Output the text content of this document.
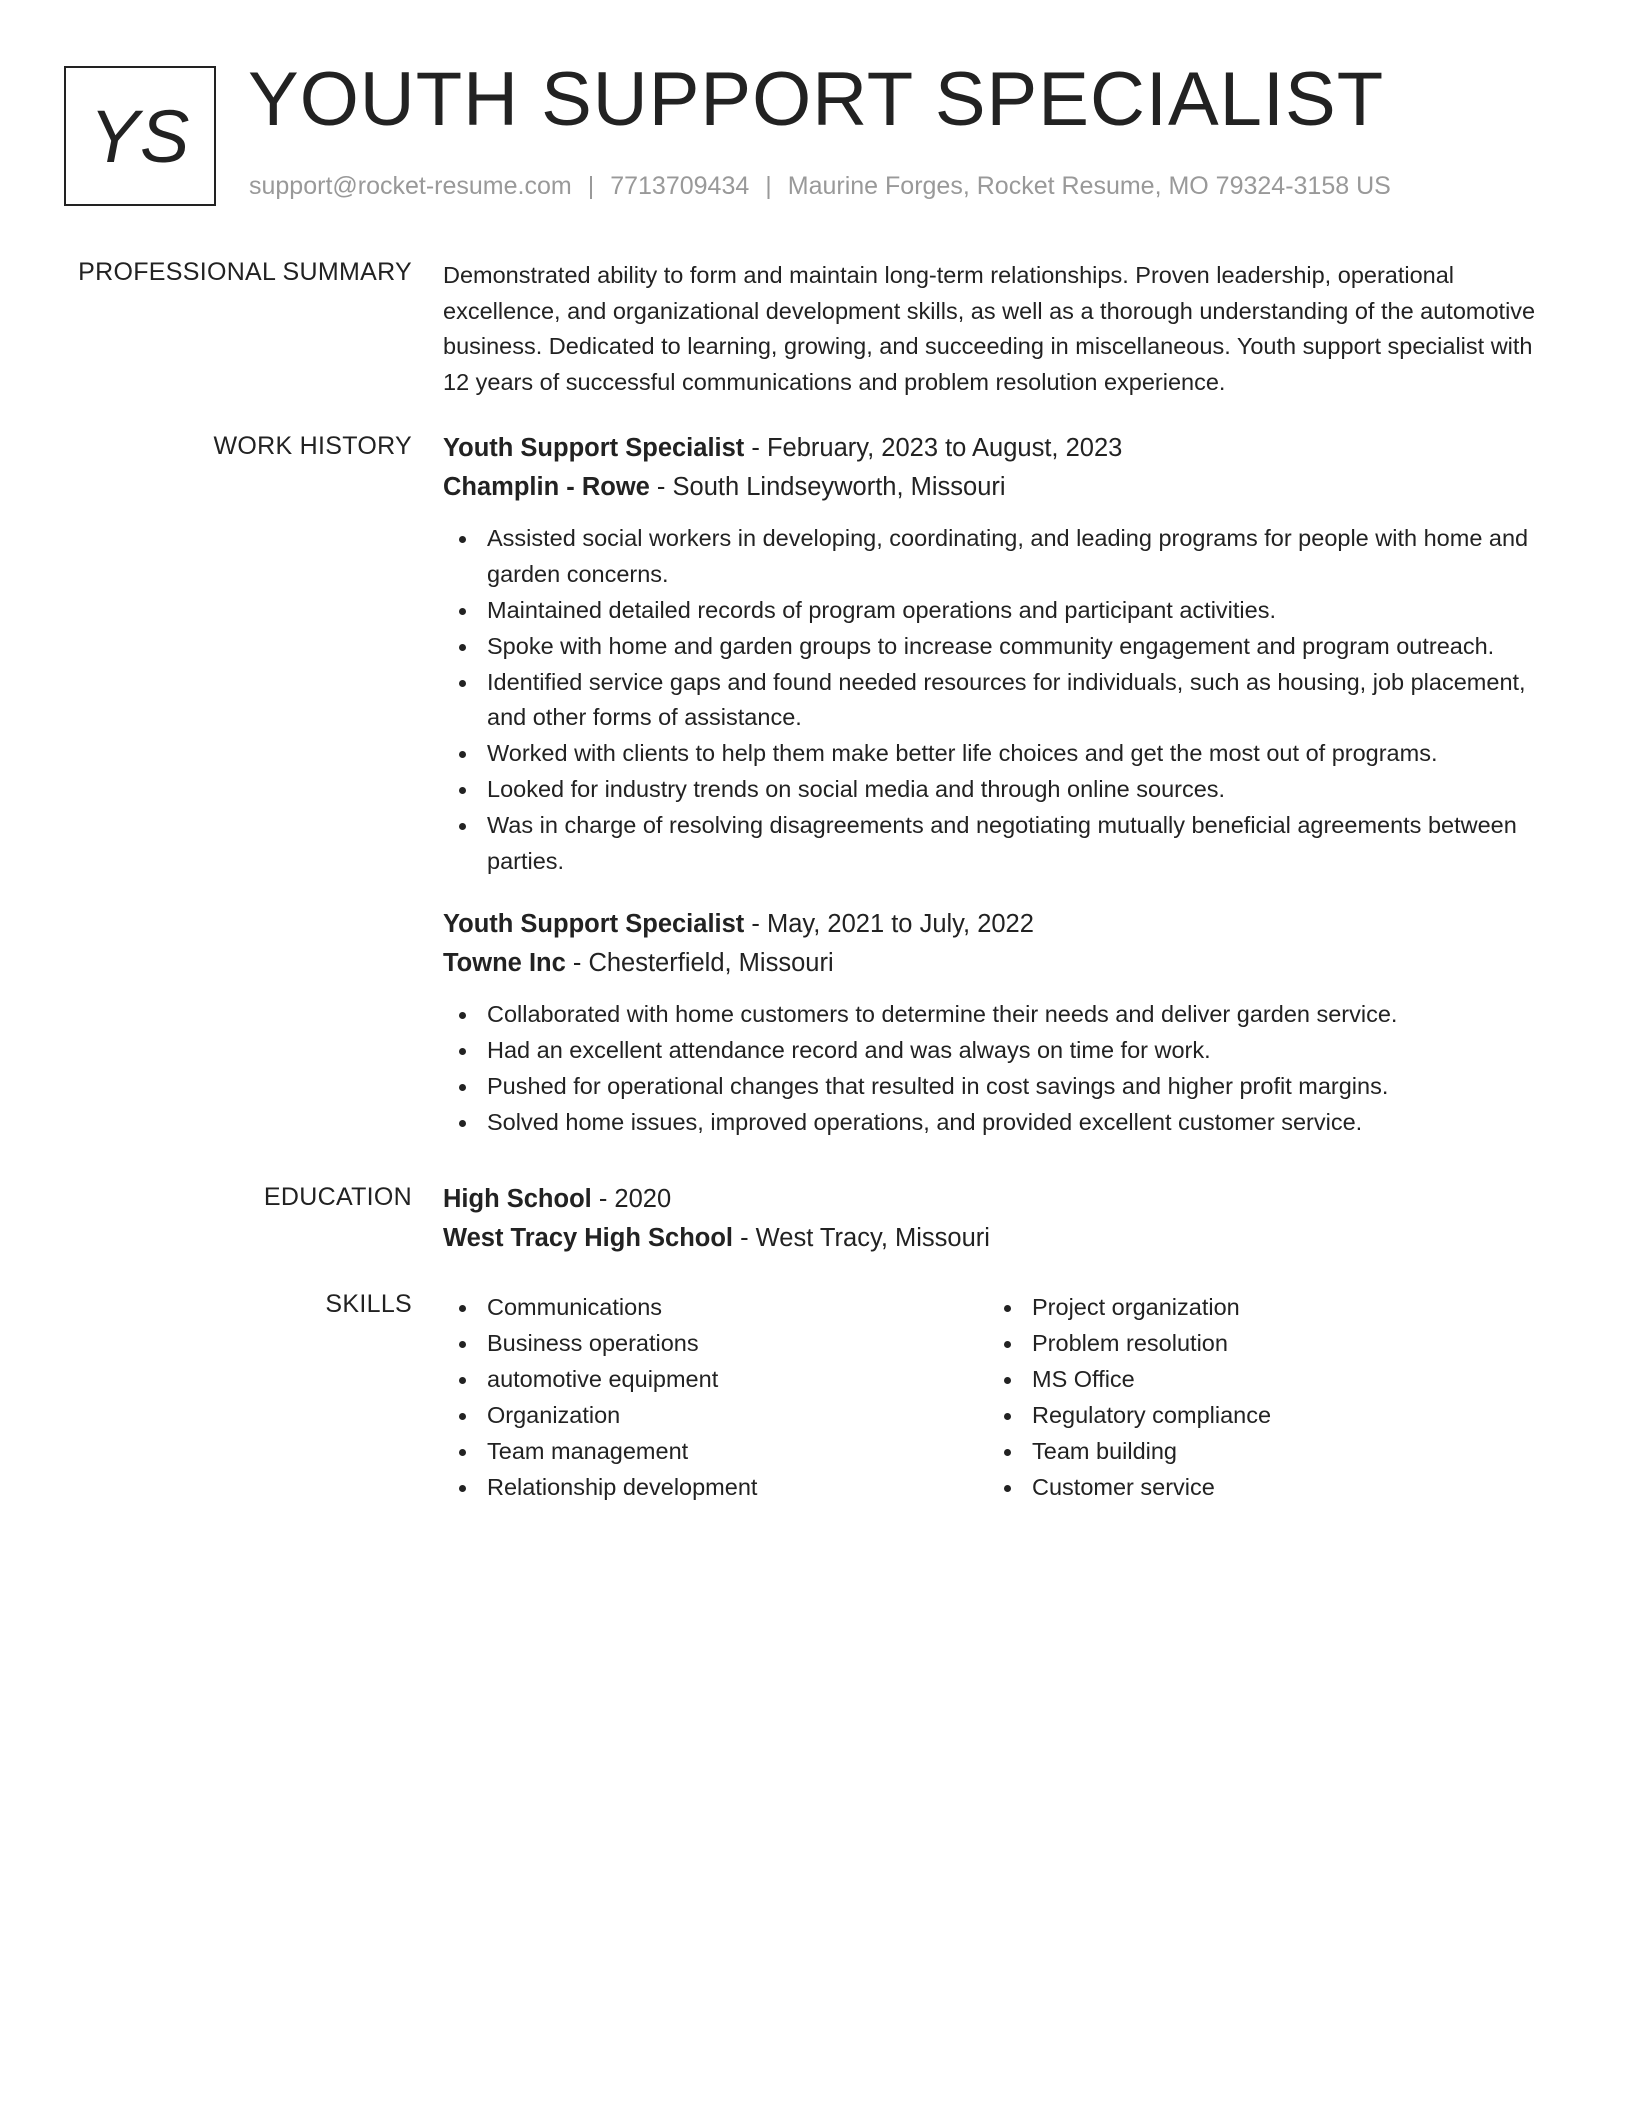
YS YOUTH SUPPORT SPECIALIST
support@rocket-resume.com | 7713709434 | Maurine Forges, Rocket Resume, MO 79324-3158 US
PROFESSIONAL SUMMARY Demonstrated ability to form and maintain long-term relationships. Proven leadership, operational excellence, and organizational development skills, as well as a thorough understanding of the automotive business. Dedicated to learning, growing, and succeeding in miscellaneous. Youth support specialist with 12 years of successful communications and problem resolution experience.

WORK HISTORY Youth Support Specialist - February, 2023 to August, 2023
Champlin - Rowe - South Lindseyworth, Missouri
Assisted social workers in developing, coordinating, and leading programs for people with home and garden concerns.
Maintained detailed records of program operations and participant activities.
Spoke with home and garden groups to increase community engagement and program outreach.
Identified service gaps and found needed resources for individuals, such as housing, job placement, and other forms of assistance.
Worked with clients to help them make better life choices and get the most out of programs.
Looked for industry trends on social media and through online sources.
Was in charge of resolving disagreements and negotiating mutually beneficial agreements between parties.
Youth Support Specialist - May, 2021 to July, 2022
Towne Inc - Chesterfield, Missouri
Collaborated with home customers to determine their needs and deliver garden service.
Had an excellent attendance record and was always on time for work.
Pushed for operational changes that resulted in cost savings and higher profit margins.
Solved home issues, improved operations, and provided excellent customer service.
EDUCATION High School - 2020
West Tracy High School - West Tracy, Missouri
SKILLS	Communications
Business operations
automotive equipment
Organization
Team management
Relationship development
Project organization
Problem resolution
MS Office
Regulatory compliance
Team building
Customer service
